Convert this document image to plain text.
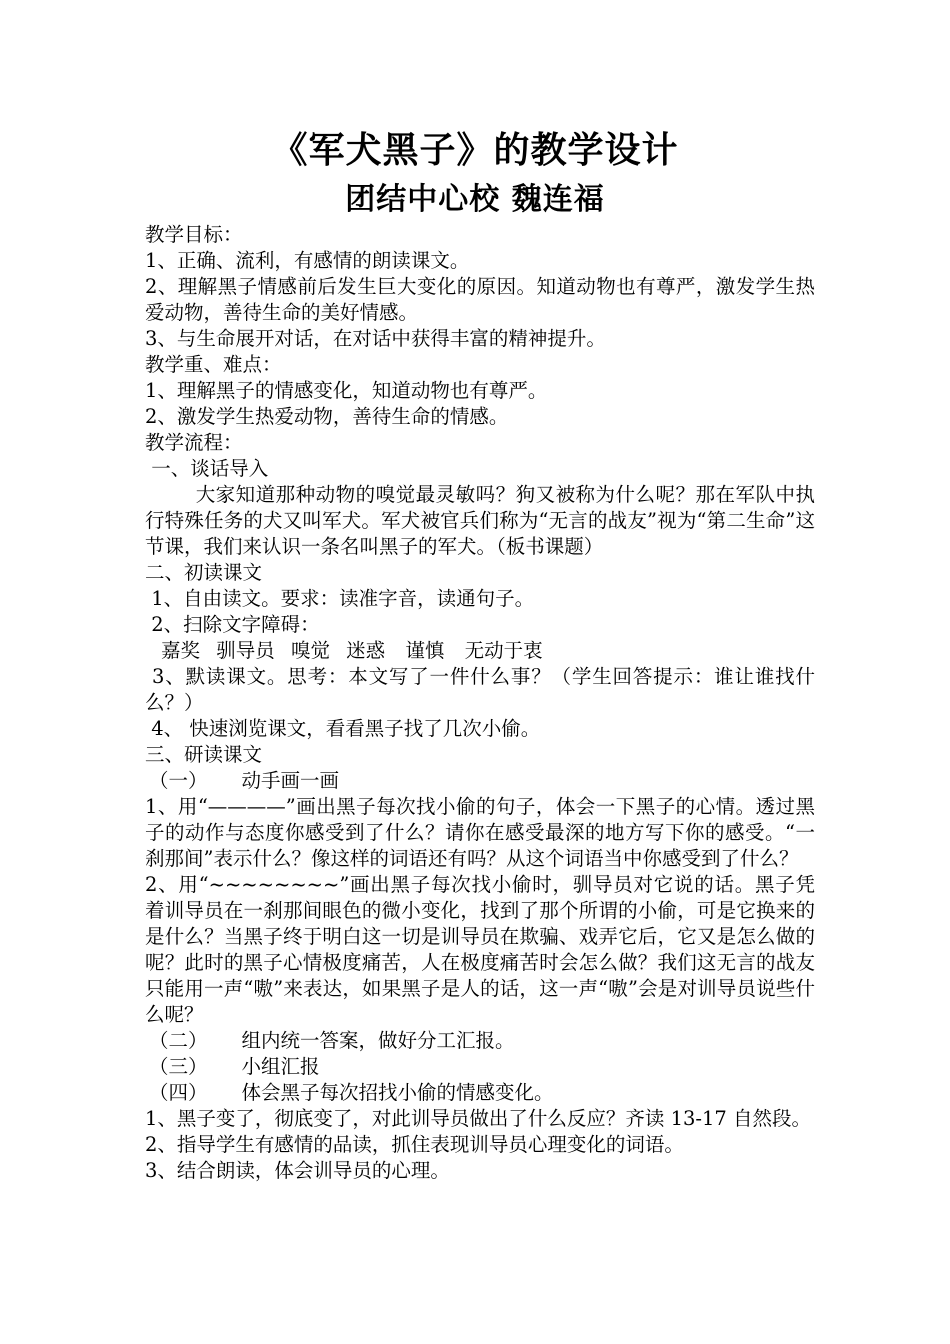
《军犬黑子》的教学设计
团结中心校 魏连福
教学目标：
1、正确、流利，有感情的朗读课文。
2、理解黑子情感前后发生巨大变化的原因。知道动物也有尊严，激发学生热爱动物，善待生命的美好情感。
3、与生命展开对话，在对话中获得丰富的精神提升。
教学重、难点：
1、理解黑子的情感变化，知道动物也有尊严。
2、激发学生热爱动物，善待生命的情感。
教学流程：
一、谈话导入
大家知道那种动物的嗅觉最灵敏吗？狗又被称为什么呢？那在军队中执行特殊任务的犬又叫军犬。军犬被官兵们称为“无言的战友”视为“第二生命”这节课，我们来认识一条名叫黑子的军犬。（板书课题）
二、初读课文
1、自由读文。要求：读准字音，读通句子。
2、扫除文字障碍：
嘉奖 驯导员 嗅觉 迷惑 谨慎 无动于衷
3、默读课文。思考：本文写了一件什么事？（学生回答提示：谁让谁找什么？）
4、 快速浏览课文，看看黑子找了几次小偷。
三、研读课文
（一） 动手画一画
1、用“————”画出黑子每次找小偷的句子，体会一下黑子的心情。透过黑子的动作与态度你感受到了什么？请你在感受最深的地方写下你的感受。“一刹那间”表示什么？像这样的词语还有吗？从这个词语当中你感受到了什么？
2、用“~~~~~~~~”画出黑子每次找小偷时，驯导员对它说的话。黑子凭着训导员在一刹那间眼色的微小变化，找到了那个所谓的小偷，可是它换来的是什么？当黑子终于明白这一切是训导员在欺骗、戏弄它后，它又是怎么做的呢？此时的黑子心情极度痛苦，人在极度痛苦时会怎么做？我们这无言的战友只能用一声“嗷”来表达，如果黑子是人的话，这一声“嗷”会是对训导员说些什么呢？
（二） 组内统一答案，做好分工汇报。
（三） 小组汇报
（四） 体会黑子每次招找小偷的情感变化。
1、黑子变了，彻底变了，对此训导员做出了什么反应？齐读 13-17 自然段。
2、指导学生有感情的品读，抓住表现训导员心理变化的词语。
3、结合朗读，体会训导员的心理。
